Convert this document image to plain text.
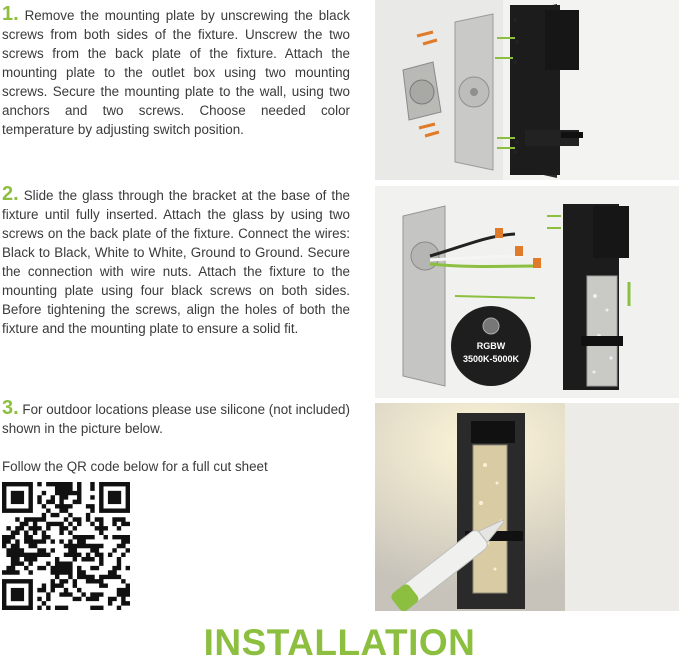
1. Remove the mounting plate by unscrewing the black screws from both sides of the fixture. Unscrew the two screws from the back plate of the fixture. Attach the mounting plate to the outlet box using two mounting screws. Secure the mounting plate to the wall, using two anchors and two screws. Choose needed color temperature by adjusting switch position.

2. Slide the glass through the bracket at the base of the fixture until fully inserted. Attach the glass by using two screws on the back plate of the fixture. Connect the wires: Black to Black, White to White, Ground to Ground. Secure the connection with wire nuts. Attach the fixture to the mounting plate using four black screws on both sides. Before tightening the screws, align the holes of both the fixture and the mounting plate to ensure a solid fit.

3. For outdoor locations please use silicone (not included) shown in the picture below.

Follow the QR code below for a full cut sheet

RGBW
3500K-5000K
INSTALLATION
